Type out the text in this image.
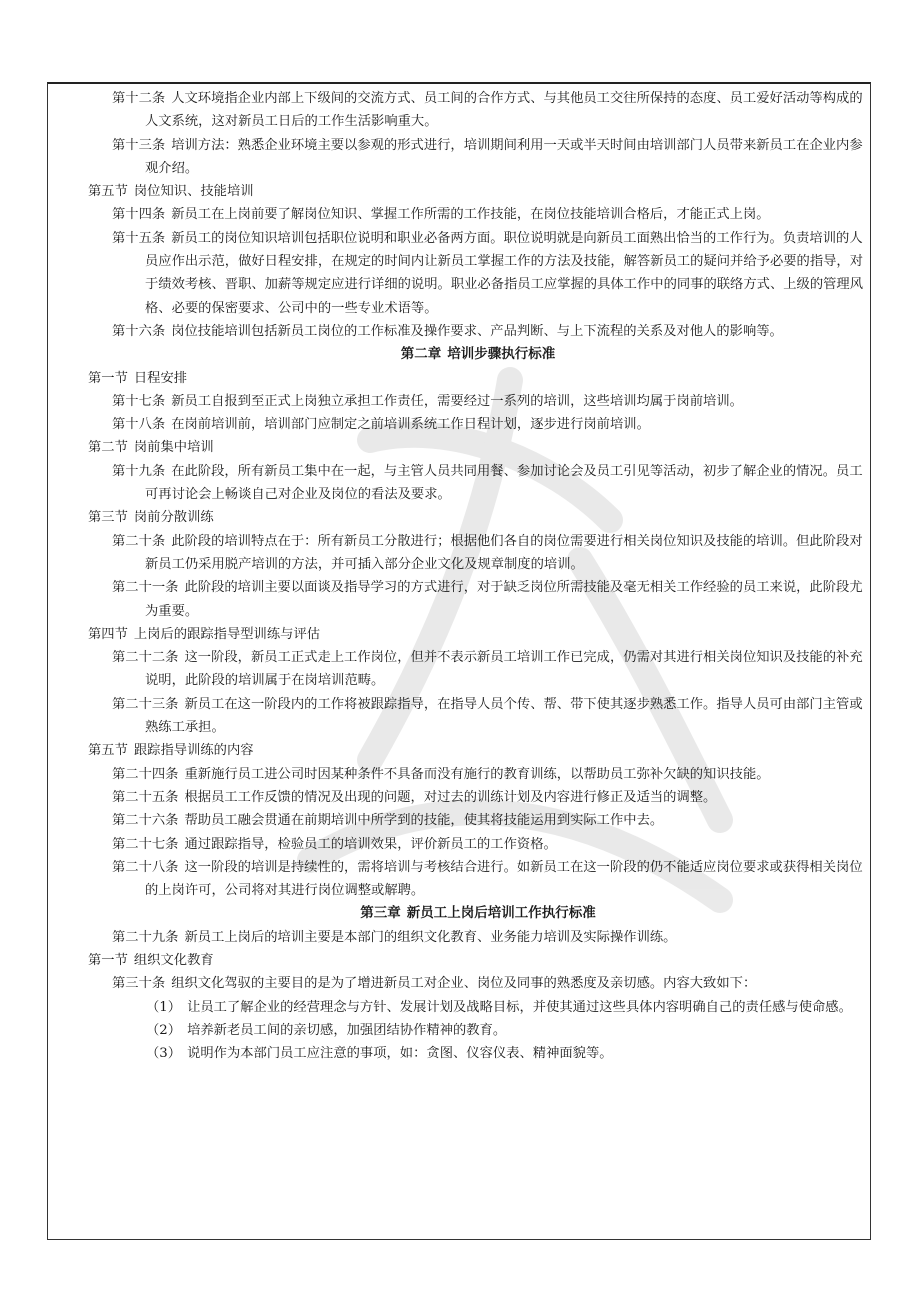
第十二条 人文环境指企业内部上下级间的交流方式、员工间的合作方式、与其他员工交往所保持的态度、员工爱好活动等构成的人文系统，这对新员工日后的工作生活影响重大。
第十三条 培训方法：熟悉企业环境主要以参观的形式进行，培训期间利用一天或半天时间由培训部门人员带来新员工在企业内参观介绍。
第五节 岗位知识、技能培训
第十四条 新员工在上岗前要了解岗位知识、掌握工作所需的工作技能，在岗位技能培训合格后，才能正式上岗。
第十五条 新员工的岗位知识培训包括职位说明和职业必备两方面。职位说明就是向新员工面熟出恰当的工作行为。负责培训的人员应作出示范，做好日程安排，在规定的时间内让新员工掌握工作的方法及技能，解答新员工的疑问并给予必要的指导，对于绩效考核、晋职、加薪等规定应进行详细的说明。职业必备指员工应掌握的具体工作中的同事的联络方式、上级的管理风格、必要的保密要求、公司中的一些专业术语等。
第十六条 岗位技能培训包括新员工岗位的工作标准及操作要求、产品判断、与上下流程的关系及对他人的影响等。
第二章 培训步骤执行标准
第一节 日程安排
第十七条 新员工自报到至正式上岗独立承担工作责任，需要经过一系列的培训，这些培训均属于岗前培训。
第十八条 在岗前培训前，培训部门应制定之前培训系统工作日程计划，逐步进行岗前培训。
第二节 岗前集中培训
第十九条 在此阶段，所有新员工集中在一起，与主管人员共同用餐、参加讨论会及员工引见等活动，初步了解企业的情况。员工可再讨论会上畅谈自己对企业及岗位的看法及要求。
第三节 岗前分散训练
第二十条 此阶段的培训特点在于：所有新员工分散进行；根据他们各自的岗位需要进行相关岗位知识及技能的培训。但此阶段对新员工仍采用脱产培训的方法，并可插入部分企业文化及规章制度的培训。
第二十一条 此阶段的培训主要以面谈及指导学习的方式进行，对于缺乏岗位所需技能及毫无相关工作经验的员工来说，此阶段尤为重要。
第四节 上岗后的跟踪指导型训练与评估
第二十二条 这一阶段，新员工正式走上工作岗位，但并不表示新员工培训工作已完成，仍需对其进行相关岗位知识及技能的补充说明，此阶段的培训属于在岗培训范畴。
第二十三条 新员工在这一阶段内的工作将被跟踪指导，在指导人员个传、帮、带下使其逐步熟悉工作。指导人员可由部门主管或熟练工承担。
第五节 跟踪指导训练的内容
第二十四条 重新施行员工进公司时因某种条件不具备而没有施行的教育训练，以帮助员工弥补欠缺的知识技能。
第二十五条 根据员工工作反馈的情况及出现的问题，对过去的训练计划及内容进行修正及适当的调整。
第二十六条 帮助员工融会贯通在前期培训中所学到的技能，使其将技能运用到实际工作中去。
第二十七条 通过跟踪指导，检验员工的培训效果，评价新员工的工作资格。
第二十八条 这一阶段的培训是持续性的，需将培训与考核结合进行。如新员工在这一阶段的仍不能适应岗位要求或获得相关岗位的上岗许可，公司将对其进行岗位调整或解聘。
第三章 新员工上岗后培训工作执行标准
第二十九条 新员工上岗后的培训主要是本部门的组织文化教育、业务能力培训及实际操作训练。
第一节 组织文化教育
第三十条 组织文化驾驭的主要目的是为了增进新员工对企业、岗位及同事的熟悉度及亲切感。内容大致如下：
（1） 让员工了解企业的经营理念与方针、发展计划及战略目标，并使其通过这些具体内容明确自己的责任感与使命感。
（2） 培养新老员工间的亲切感，加强团结协作精神的教育。
（3） 说明作为本部门员工应注意的事项，如：贪图、仪容仪表、精神面貌等。
